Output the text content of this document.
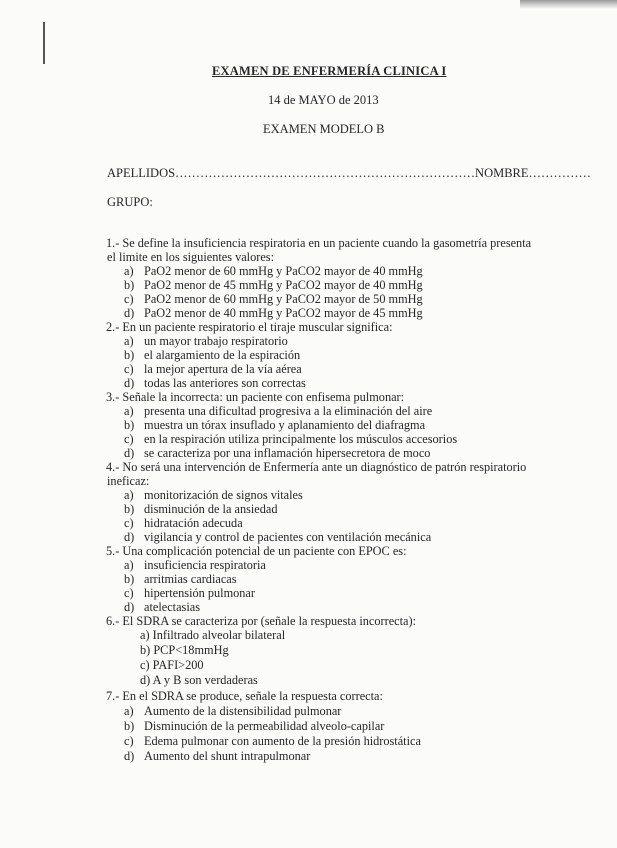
EXAMEN DE ENFERMERÍA CLINICA I
14 de MAYO de 2013
EXAMEN MODELO B
APELLIDOS………………………………………………………………NOMBRE……………
GRUPO:
1.- Se define la insuficiencia respiratoria en un paciente cuando la gasometría presenta
el limite en los siguientes valores:
a) PaO2 menor de 60 mmHg y PaCO2 mayor de 40 mmHg
b) PaO2 menor de 45 mmHg y PaCO2 mayor de 40 mmHg
c) PaO2 menor de 60 mmHg y PaCO2 mayor de 50 mmHg
d) PaO2 menor de 40 mmHg y PaCO2 mayor de 45 mmHg
2.- En un paciente respiratorio el tiraje muscular significa:
a) un mayor trabajo respiratorio
b) el alargamiento de la espiración
c) la mejor apertura de la vía aérea
d) todas las anteriores son correctas
3.- Señale la incorrecta: un paciente con enfisema pulmonar:
a) presenta una dificultad progresiva a la eliminación del aire
b) muestra un tórax insuflado y aplanamiento del diafragma
c) en la respiración utiliza principalmente los músculos accesorios
d) se caracteriza por una inflamación hipersecretora de moco
4.- No será una intervención de Enfermería ante un diagnóstico de patrón respiratorio
ineficaz:
a) monitorización de signos vitales
b) disminución de la ansiedad
c) hidratación adecuda
d) vigilancia y control de pacientes con ventilación mecánica
5.- Una complicación potencial de un paciente con EPOC es:
a) insuficiencia respiratoria
b) arritmias cardiacas
c) hipertensión pulmonar
d) atelectasias
6.- El SDRA se caracteriza por (señale la respuesta incorrecta):
a) Infiltrado alveolar bilateral
b) PCP<18mmHg
c) PAFI>200
d) A y B son verdaderas
7.- En el SDRA se produce, señale la respuesta correcta:
a) Aumento de la distensibilidad pulmonar
b) Disminución de la permeabilidad alveolo-capilar
c) Edema pulmonar con aumento de la presión hidrostática
d) Aumento del shunt intrapulmonar
